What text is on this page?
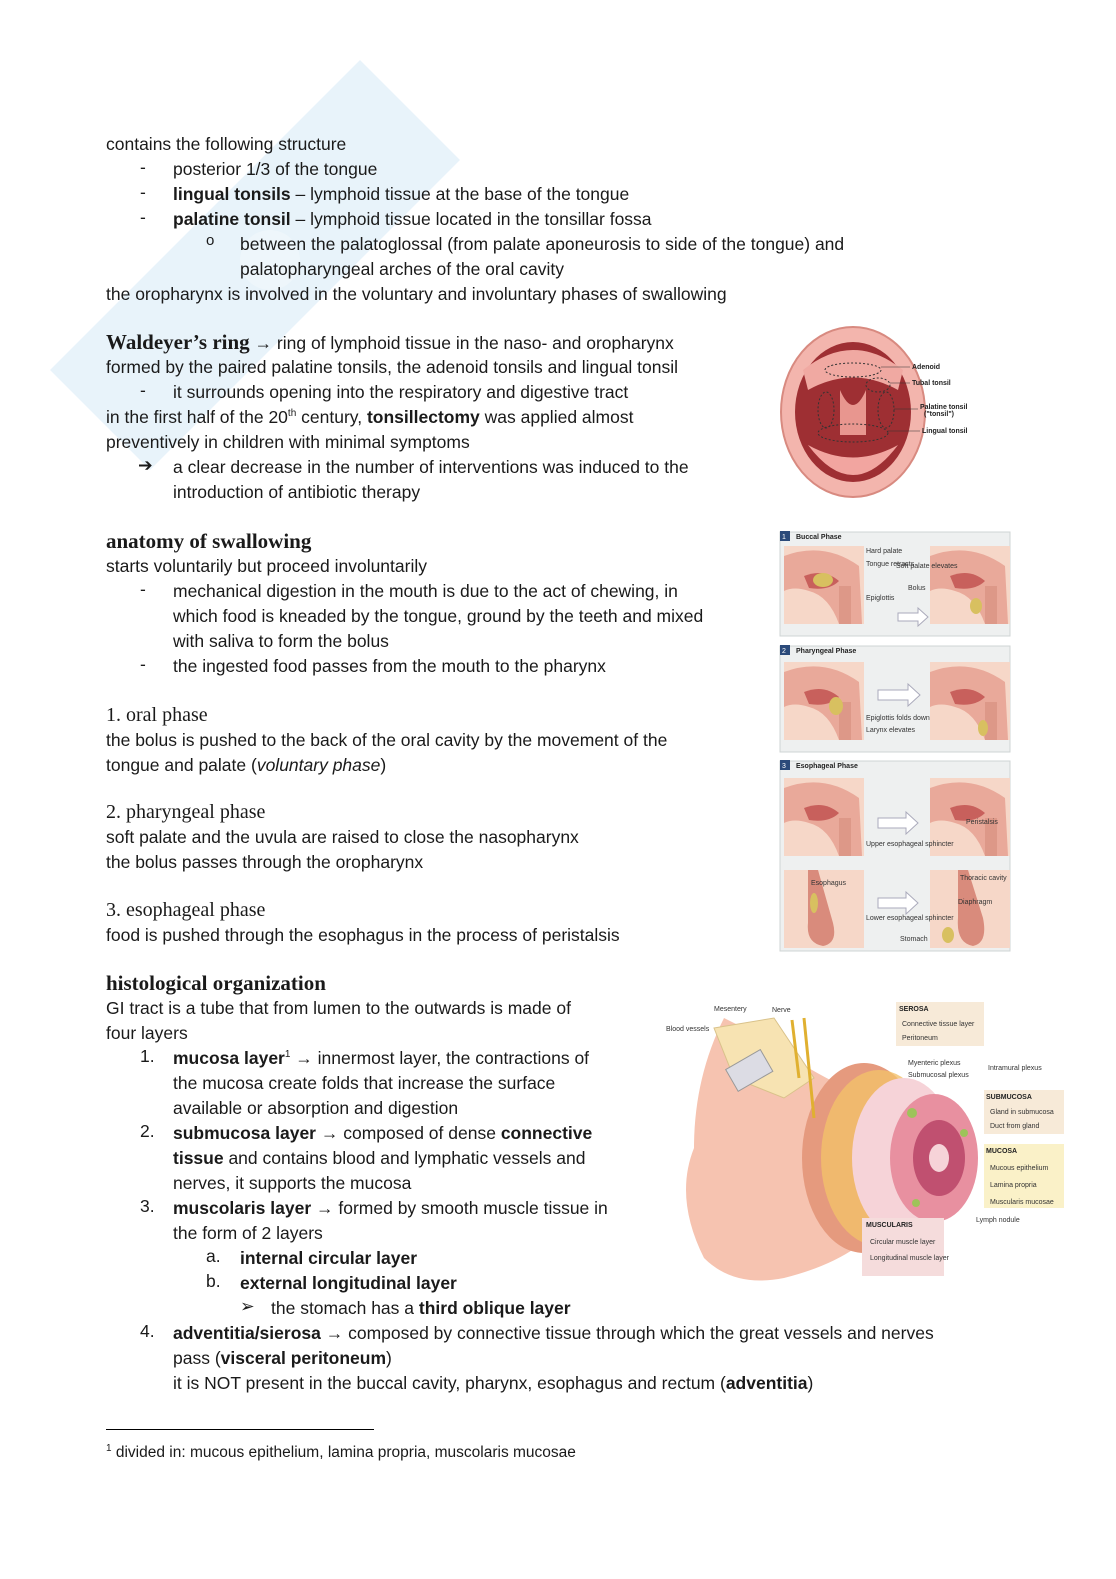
contains the following structure
- posterior 1/3 of the tongue
- lingual tonsils – lymphoid tissue at the base of the tongue
- palatine tonsil – lymphoid tissue located in the tonsillar fossa
o between the palatoglossal (from palate aponeurosis to side of the tongue) and
palatopharyngeal arches of the oral cavity
the oropharynx is involved in the voluntary and involuntary phases of swallowing
Waldeyer’s ring → ring of lymphoid tissue in the naso- and oropharynx
formed by the paired palatine tonsils, the adenoid tonsils and lingual tonsil
- it surrounds opening into the respiratory and digestive tract
in the first half of the 20th century, tonsillectomy was applied almost
preventively in children with minimal symptoms
➔ a clear decrease in the number of interventions was induced to the
introduction of antibiotic therapy
Adenoid
Tubal tonsil
Palatine tonsil
("tonsil")
Lingual tonsil
anatomy of swallowing
starts voluntarily but proceed involuntarily
- mechanical digestion in the mouth is due to the act of chewing, in
which food is kneaded by the tongue, ground by the teeth and mixed
with saliva to form the bolus
- the ingested food passes from the mouth to the pharynx
1. oral phase
the bolus is pushed to the back of the oral cavity by the movement of the
tongue and palate (voluntary phase)
2. pharyngeal phase
soft palate and the uvula are raised to close the nasopharynx
the bolus passes through the oropharynx
3. esophageal phase
food is pushed through the esophagus in the process of peristalsis
1 Buccal Phase
Hard palate
Tongue retracts
Soft palate elevates
Bolus
Epiglottis
2 Pharyngeal Phase
Epiglottis folds down
Larynx elevates
3 Esophageal Phase
Peristalsis
Upper esophageal sphincter
Esophagus
Thoracic cavity
Diaphragm
Lower esophageal sphincter
Stomach
histological organization
GI tract is a tube that from lumen to the outwards is made of
four layers
1. mucosa layer$^1$ → innermost layer, the contractions of
the mucosa create folds that increase the surface
available or absorption and digestion
2. submucosa layer → composed of dense connective
tissue and contains blood and lymphatic vessels and
nerves, it supports the mucosa
3. muscolaris layer → formed by smooth muscle tissue in
the form of 2 layers
a. internal circular layer
b. external longitudinal layer
➢ the stomach has a third oblique layer
4. adventitia/sierosa → composed by connective tissue through which the great vessels and nerves
pass (visceral peritoneum)
it is NOT present in the buccal cavity, pharynx, esophagus and rectum (adventitia)
Mesentery	Nerve
Blood vessels
SEROSA
Connective tissue layer
Peritoneum
Myenteric plexus
Submucosal plexus
Intramural plexus
SUBMUCOSA
Gland in submucosa
Duct from gland
MUCOSA
Mucous epithelium
Lamina propria
Muscularis mucosae
Lymph nodule
MUSCULARIS
Circular muscle layer
Longitudinal muscle layer
$^1$ divided in: mucous epithelium, lamina propria, muscolaris mucosae
